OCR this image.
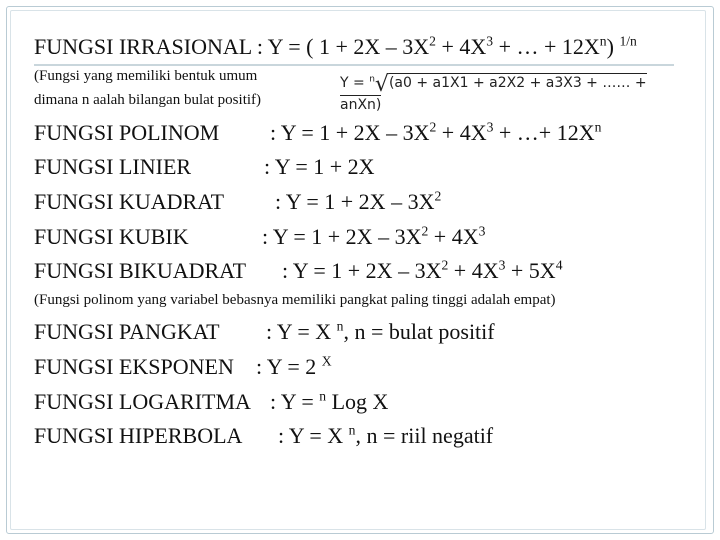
FUNGSI IRRASIONAL : Y = ( $1 + 2X - 3X^2 + 4X^3$ + … + $12X^n$) $^{1/n}$
(Fungsi yang memiliki bentuk umum
dimana n aalah bilangan bulat positif)
Y = $^n$√(a0 + a1X1 + a2X2 + a3X3 + …… + anXn)
FUNGSI POLINOM : $Y = 1 + 2X - 3X^2 + 4X^3$ + …+ $12X^n$
FUNGSI LINIER	: Y = 1 + 2X
FUNGSI KUADRAT : $Y = 1 + 2X - 3X^2$
FUNGSI KUBIK	: $Y = 1 + 2X - 3X^2 + 4X^3$
FUNGSI BIKUADRAT : $Y = 1 + 2X - 3X^2 + 4X^3 + 5X^4$
(Fungsi polinom yang variabel bebasnya memiliki pangkat paling tinggi adalah empat)
FUNGSI PANGKAT : Y = X $^n$, n = bulat positif
FUNGSI EKSPONEN : Y = 2 $^X$
FUNGSI LOGARITMA : Y = $^n$ Log X
FUNGSI HIPERBOLA : Y = X $^n$, n = riil negatif
